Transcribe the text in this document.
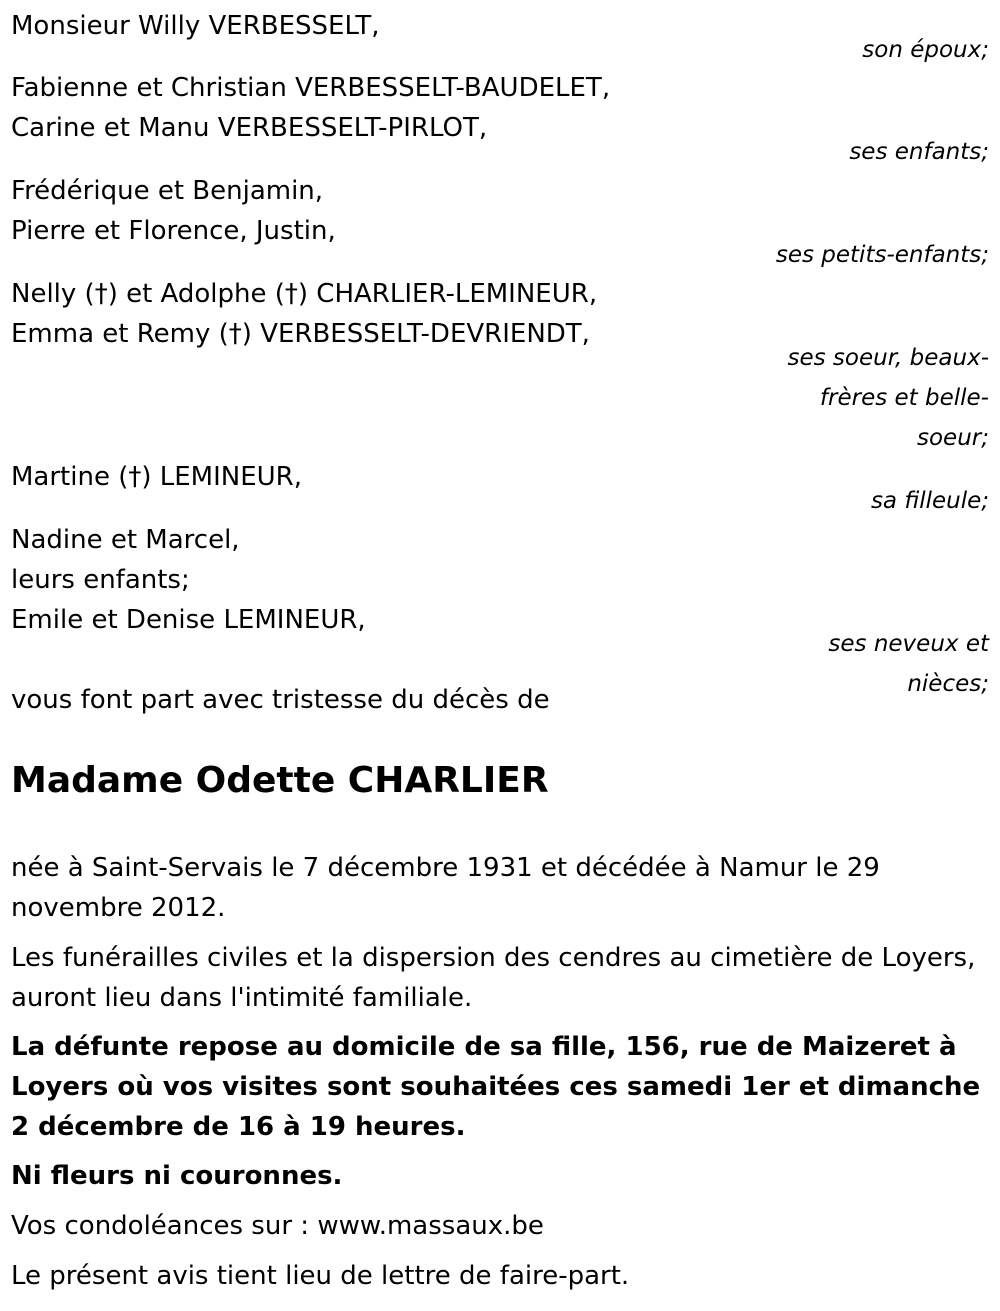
Monsieur Willy VERBESSELT,
son époux;
Fabienne et Christian VERBESSELT-BAUDELET,
Carine et Manu VERBESSELT-PIRLOT,
ses enfants;
Frédérique et Benjamin,
Pierre et Florence, Justin,
ses petits-enfants;
Nelly (†) et Adolphe (†) CHARLIER-LEMINEUR,
Emma et Remy (†) VERBESSELT-DEVRIENDT,
ses soeur, beaux-
frères et belle-
soeur;
Martine (†) LEMINEUR,
sa filleule;
Nadine et Marcel,
leurs enfants;
Emile et Denise LEMINEUR,
ses neveux et
nièces;
vous font part avec tristesse du décès de
Madame Odette CHARLIER
née à Saint-Servais le 7 décembre 1931 et décédée à Namur le 29 novembre 2012.
Les funérailles civiles et la dispersion des cendres au cimetière de Loyers, auront lieu dans l'intimité familiale.
La défunte repose au domicile de sa fille, 156, rue de Maizeret à Loyers où vos visites sont souhaitées ces samedi 1er et dimanche 2 décembre de 16 à 19 heures.
Ni fleurs ni couronnes.
Vos condoléances sur : www.massaux.be
Le présent avis tient lieu de lettre de faire-part.
